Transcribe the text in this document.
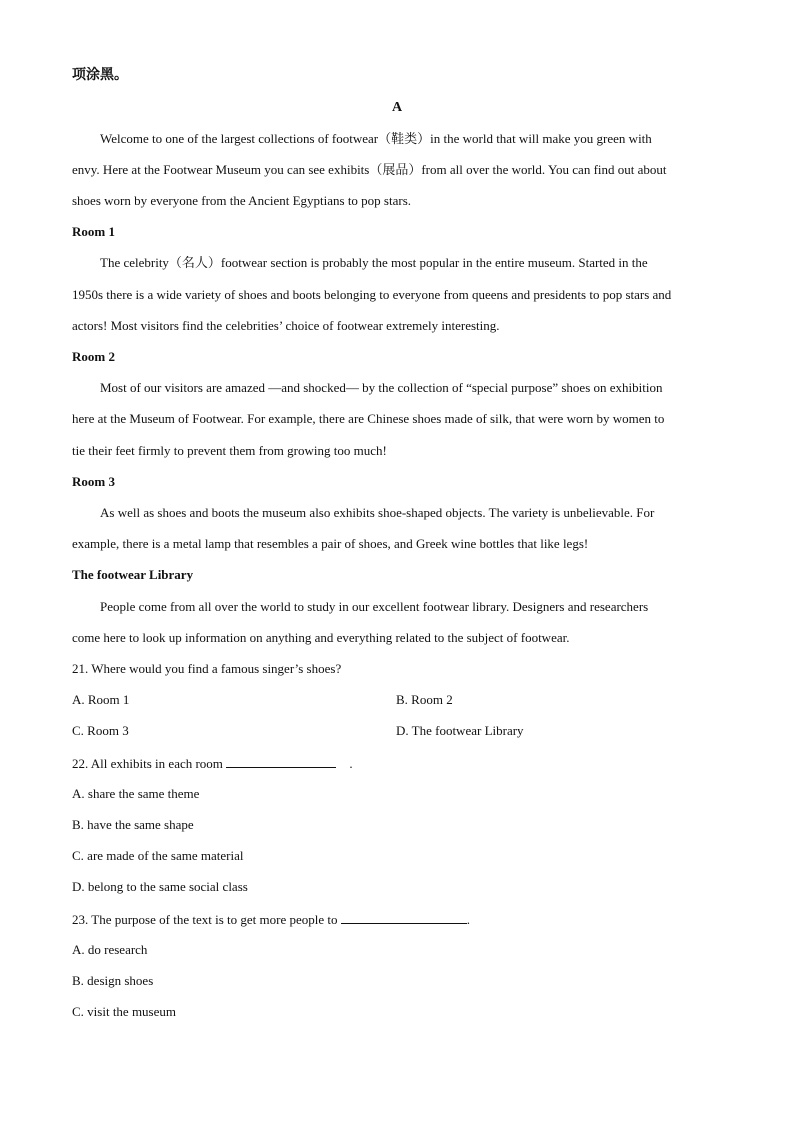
项涂黑。
A
Welcome to one of the largest collections of footwear（鞋类）in the world that will make you green with
envy. Here at the Footwear Museum you can see exhibits（展品）from all over the world. You can find out about
shoes worn by everyone from the Ancient Egyptians to pop stars.
Room 1
The celebrity（名人）footwear section is probably the most popular in the entire museum. Started in the
1950s there is a wide variety of shoes and boots belonging to everyone from queens and presidents to pop stars and
actors! Most visitors find the celebrities’ choice of footwear extremely interesting.
Room 2
Most of our visitors are amazed —and shocked— by the collection of “special purpose” shoes on exhibition
here at the Museum of Footwear. For example, there are Chinese shoes made of silk, that were worn by women to
tie their feet firmly to prevent them from growing too much!
Room 3
As well as shoes and boots the museum also exhibits shoe-shaped objects. The variety is unbelievable. For
example, there is a metal lamp that resembles a pair of shoes, and Greek wine bottles that like legs!
The footwear Library
People come from all over the world to study in our excellent footwear library. Designers and researchers
come here to look up information on anything and everything related to the subject of footwear.
21. Where would you find a famous singer’s shoes?
A. Room 1	B. Room 2
C. Room 3	D. The footwear Library
22. All exhibits in each room	.
A. share the same theme
B. have the same shape
C. are made of the same material
D. belong to the same social class
23. The purpose of the text is to get more people to	.
A. do research
B. design shoes
C. visit the museum
